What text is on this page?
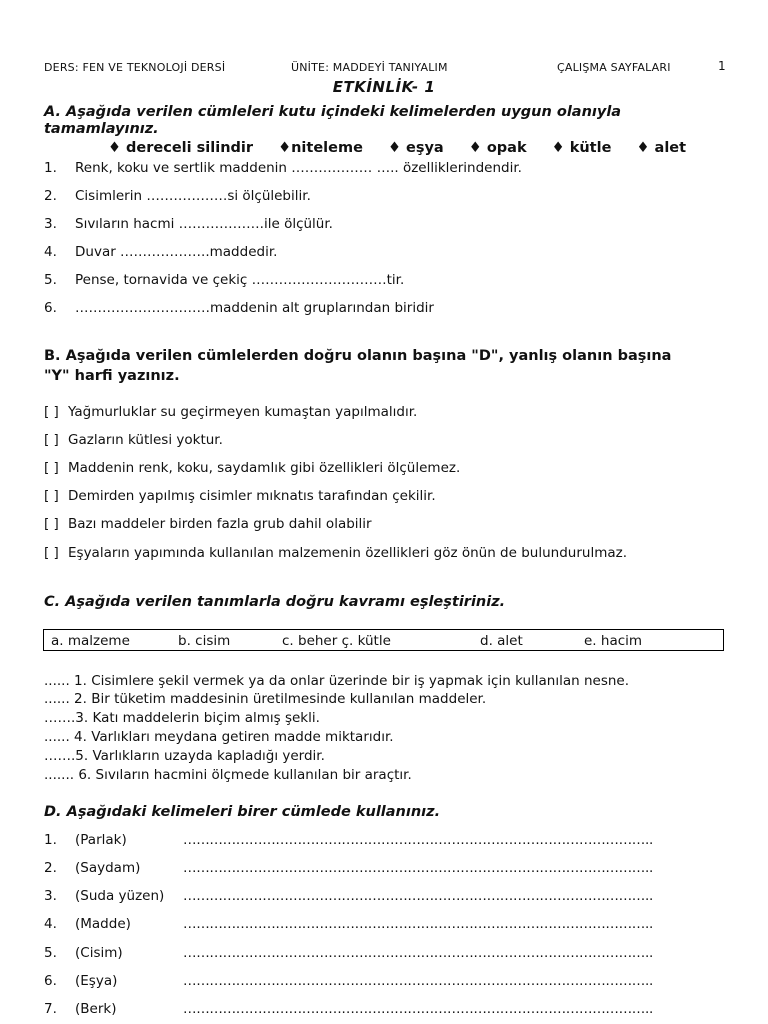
DERS: FEN VE TEKNOLOJİ DERSİ	ÜNİTE: MADDEYİ TANIYALIM	ÇALIŞMA SAYFALARI	1
ETKİNLİK- 1
A. Aşağıda verilen cümleleri kutu içindeki kelimelerden uygun olanıyla
tamamlayınız.
♦ dereceli silindir ♦niteleme ♦ eşya ♦ opak ♦ kütle ♦ alet
1. Renk, koku ve sertlik maddenin ……………… ….. özelliklerindendir.
2. Cisimlerin ………………si ölçülebilir.
3. Sıvıların hacmi ……………….ile ölçülür.
4. Duvar ………………..maddedir.
5. Pense, tornavida ve çekiç …………………………tir.
6. …………………………maddenin alt gruplarından biridir
B. Aşağıda verilen cümlelerden doğru olanın başına "D", yanlış olanın başına
"Y" harfi yazınız.
[ ] Yağmurluklar su geçirmeyen kumaştan yapılmalıdır.
[ ] Gazların kütlesi yoktur.
[ ] Maddenin renk, koku, saydamlık gibi özellikleri ölçülemez.
[ ] Demirden yapılmış cisimler mıknatıs tarafından çekilir.
[ ] Bazı maddeler birden fazla grub dahil olabilir
[ ] Eşyaların yapımında kullanılan malzemenin özellikleri göz önün de bulundurulmaz.
C. Aşağıda verilen tanımlarla doğru kavramı eşleştiriniz.
a. malzeme	b. cisim	c. beher ç. kütle	d. alet	e. hacim
...... 1. Cisimlere şekil vermek ya da onlar üzerinde bir iş yapmak için kullanılan nesne.
...... 2. Bir tüketim maddesinin üretilmesinde kullanılan maddeler.
…….3. Katı maddelerin biçim almış şekli.
...... 4. Varlıkları meydana getiren madde miktarıdır.
…….5. Varlıkların uzayda kapladığı yerdir.
....... 6. Sıvıların hacmini ölçmede kullanılan bir araçtır.
D. Aşağıdaki kelimeleri birer cümlede kullanınız.
1. (Parlak)	……………………………………………………………………………………………..
2. (Saydam)	……………………………………………………………………………………………..
3. (Suda yüzen)	……………………………………………………………………………………………..
4. (Madde)	……………………………………………………………………………………………..
5. (Cisim)	……………………………………………………………………………………………..
6. (Eşya)	……………………………………………………………………………………………..
7. (Berk)	……………………………………………………………………………………………..
